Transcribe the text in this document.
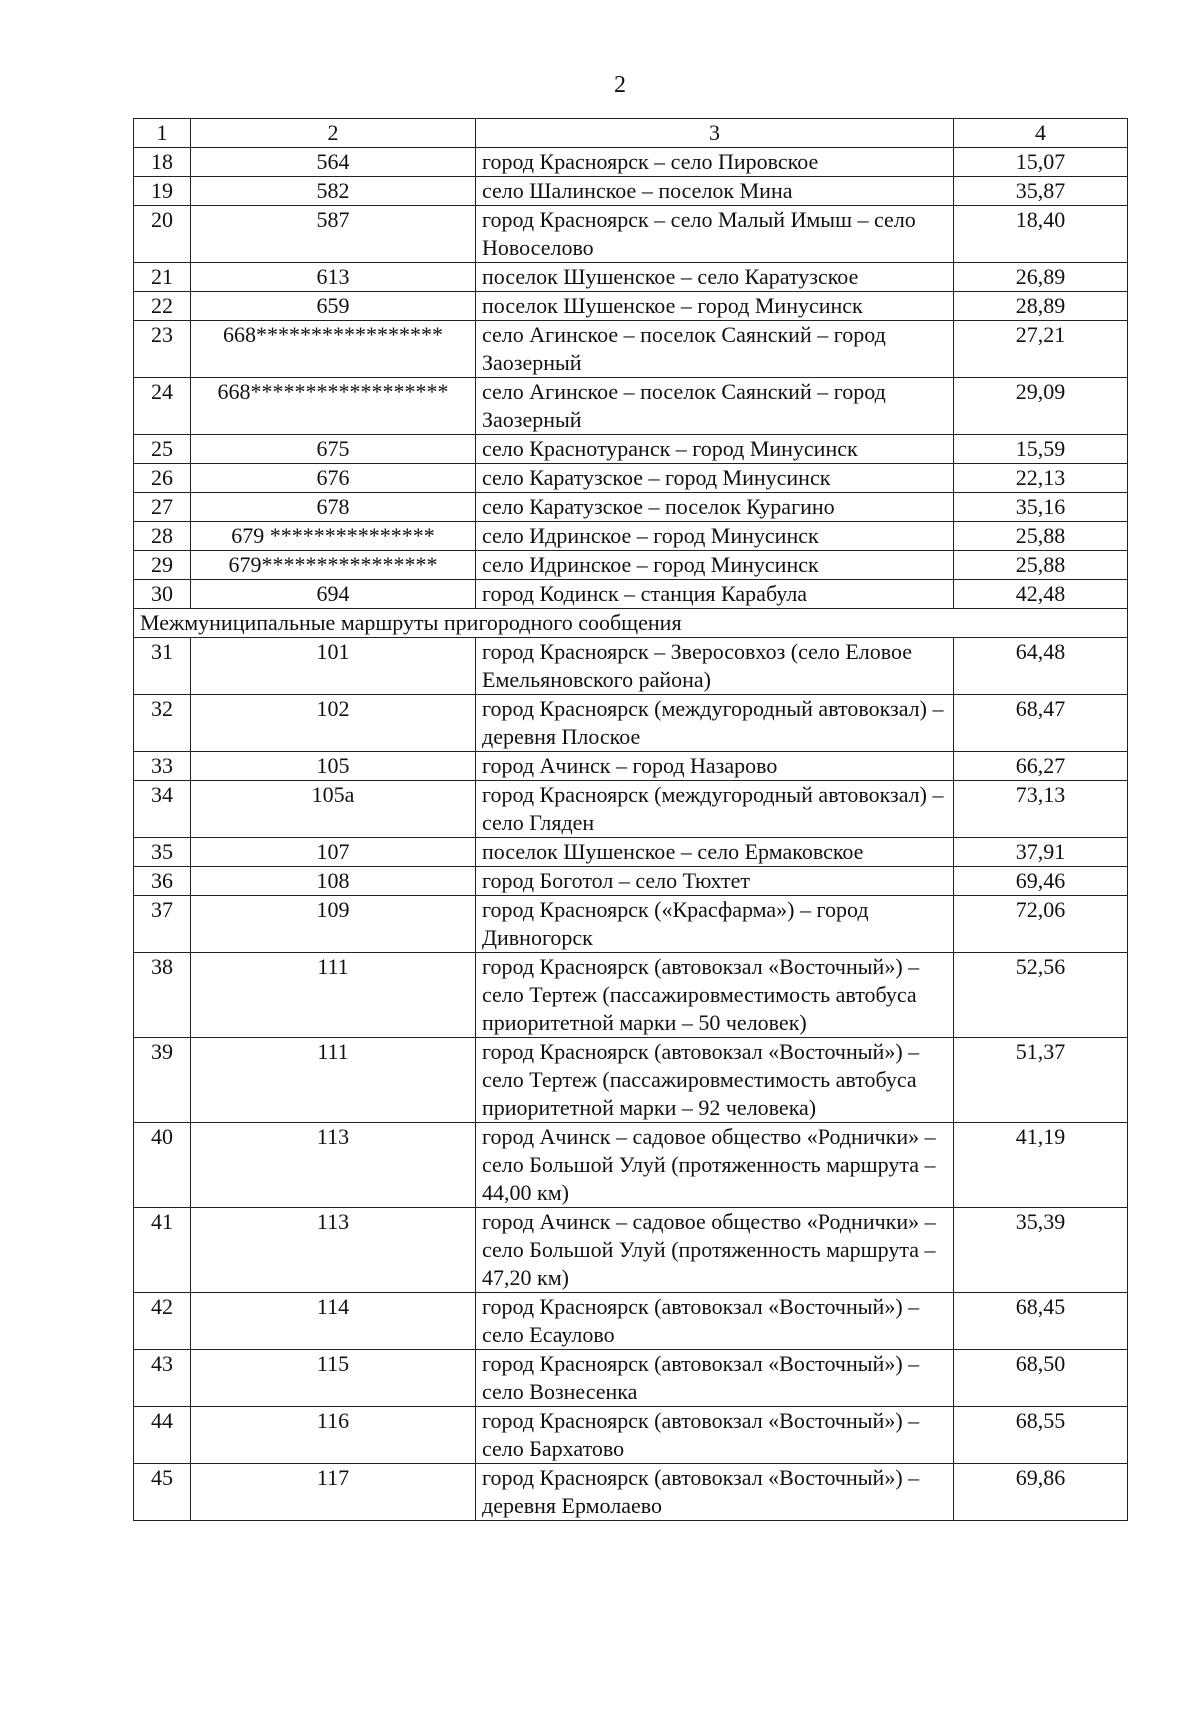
2
1	2	3	4
18	564	город Красноярск – село Пировское	15,07
19	582	село Шалинское – поселок Мина	35,87
20	587	город Красноярск – село Малый Имыш – село Новоселово	18,40
21	613	поселок Шушенское – село Каратузское	26,89
22	659	поселок Шушенское – город Минусинск	28,89
23	668*****************	село Агинское – поселок Саянский – город Заозерный	27,21
24	668******************	село Агинское – поселок Саянский – город Заозерный	29,09
25	675	село Краснотуранск – город Минусинск	15,59
26	676	село Каратузское – город Минусинск	22,13
27	678	село Каратузское – поселок Курагино	35,16
28	679 ***************	село Идринское – город Минусинск	25,88
29	679****************	село Идринское – город Минусинск	25,88
30	694	город Кодинск – станция Карабула	42,48
Межмуниципальные маршруты пригородного сообщения			
31	101	город Красноярск – Зверосовхоз (село Еловое Емельяновского района)	64,48
32	102	город Красноярск (междугородный автовокзал) – деревня Плоское	68,47
33	105	город Ачинск – город Назарово	66,27
34	105а	город Красноярск (междугородный автовокзал) – село Гляден	73,13
35	107	поселок Шушенское – село Ермаковское	37,91
36	108	город Боготол – село Тюхтет	69,46
37	109	город Красноярск («Красфарма») – город Дивногорск	72,06
38	111	город Красноярск (автовокзал «Восточный») – село Тертеж (пассажировместимость автобуса приоритетной марки – 50 человек)	52,56
39	111	город Красноярск (автовокзал «Восточный») – село Тертеж (пассажировместимость автобуса приоритетной марки – 92 человека)	51,37
40	113	город Ачинск – садовое общество «Роднички» – село Большой Улуй (протяженность маршрута – 44,00 км)	41,19
41	113	город Ачинск – садовое общество «Роднички» – село Большой Улуй (протяженность маршрута – 47,20 км)	35,39
42	114	город Красноярск (автовокзал «Восточный») – село Есаулово	68,45
43	115	город Красноярск (автовокзал «Восточный») – село Вознесенка	68,50
44	116	город Красноярск (автовокзал «Восточный») – село Бархатово	68,55
45	117	город Красноярск (автовокзал «Восточный») – деревня Ермолаево	69,86
